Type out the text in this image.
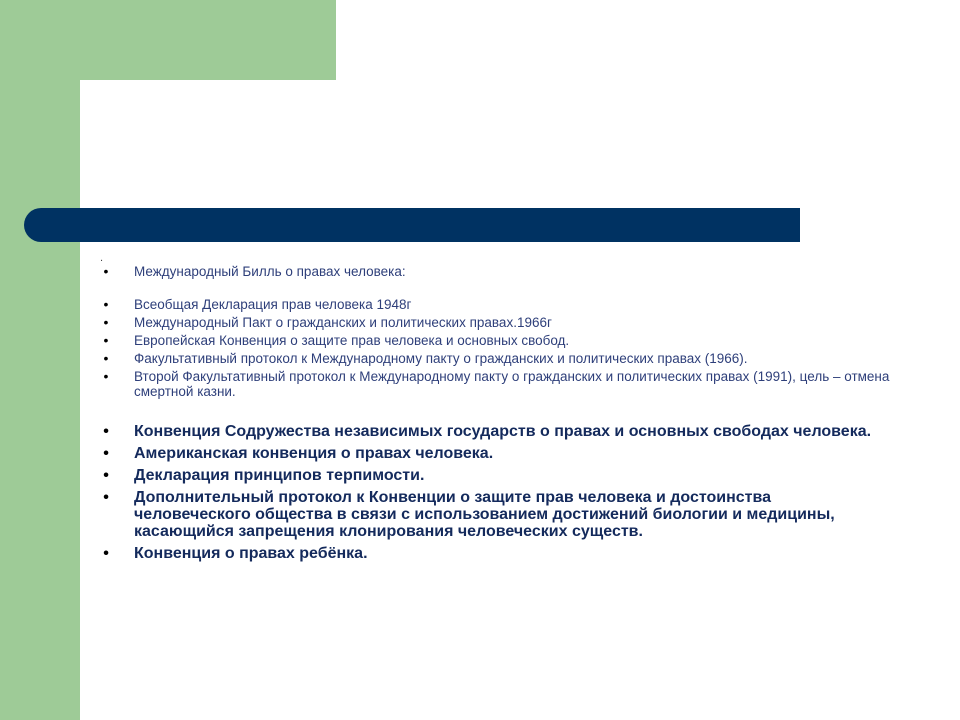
.
• Международный Билль о правах человека:
• Всеобщая Декларация прав человека 1948г
• Международный Пакт о гражданских и политических правах.1966г
• Европейская Конвенция о защите прав человека и основных свобод.
• Факультативный протокол к Международному пакту о гражданских и политических правах (1966).
• Второй Факультативный протокол к Международному пакту о гражданских и политических правах (1991), цель – отмена смертной казни.
• Конвенция Содружества независимых государств о правах и основных свободах человека.
• Американская конвенция о правах человека.
• Декларация принципов терпимости.
• Дополнительный протокол к Конвенции о защите прав человека и достоинства человеческого общества в связи с использованием достижений биологии и медицины, касающийся запрещения клонирования человеческих существ.
• Конвенция о правах ребёнка.
